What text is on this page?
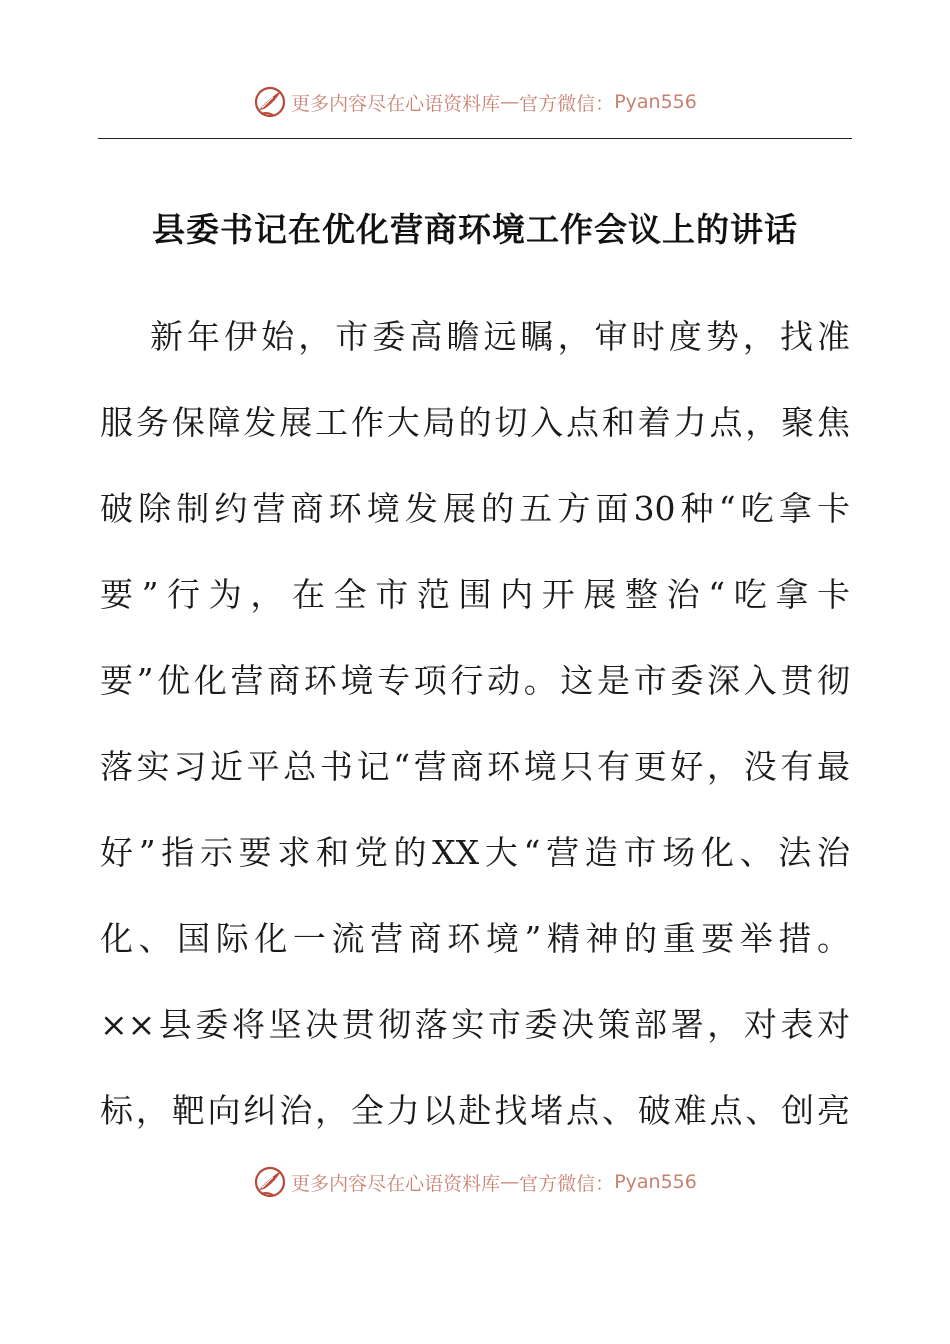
更多内容尽在心语资料库 — 官方微信： Pyan556
县委书记在优化营商环境工作会议上的讲话
新年伊始，市委高瞻远瞩，审时度势，找准
服务保障发展工作大局的切入点和着力点，聚焦
破除制约营商环境发展的五方面30种“吃拿卡
要”行为，在全市范围内开展整治“吃拿卡
要”优化营商环境专项行动。这是市委深入贯彻
落实习近平总书记“营商环境只有更好，没有最
好”指示要求和党的XX大“营造市场化、法治
化、国际化一流营商环境”精神的重要举措。
××县委将坚决贯彻落实市委决策部署，对表对
标，靶向纠治，全力以赴找堵点、破难点、创亮
更多内容尽在心语资料库 — 官方微信： Pyan556
